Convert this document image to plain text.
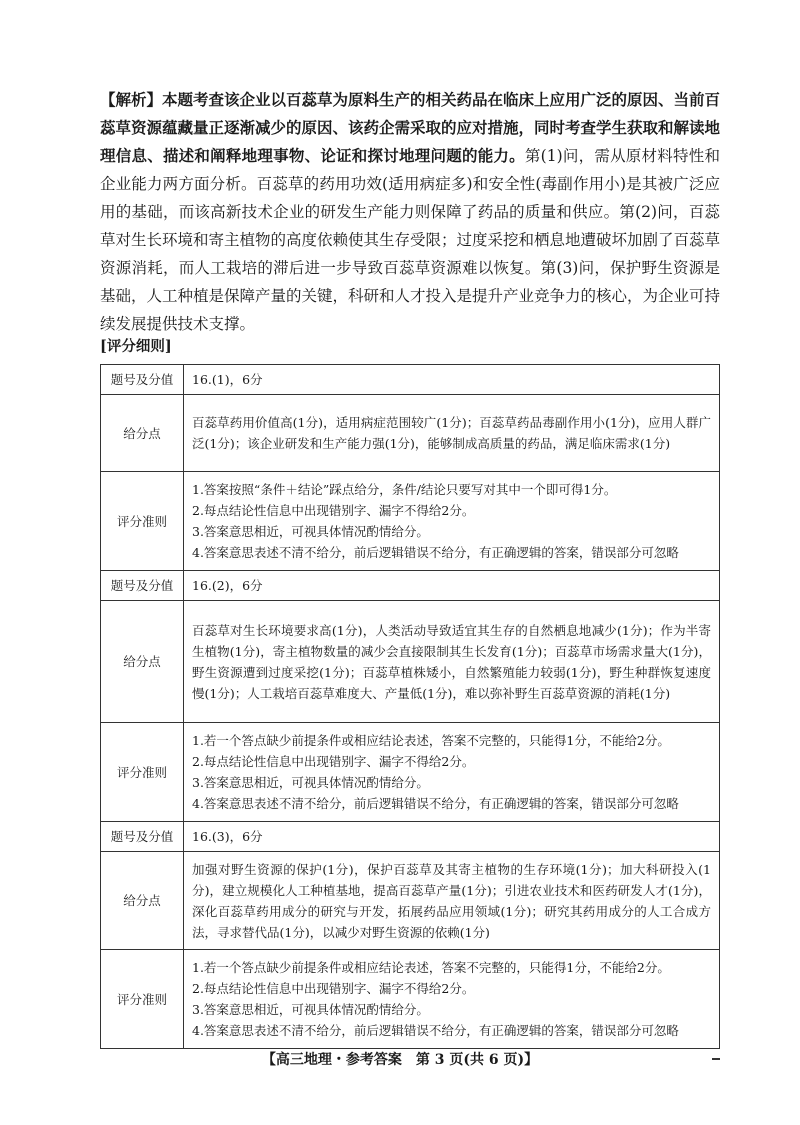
【解析】本题考查该企业以百蕊草为原料生产的相关药品在临床上应用广泛的原因、当前百蕊草资源蕴藏量正逐渐减少的原因、该药企需采取的应对措施，同时考查学生获取和解读地理信息、描述和阐释地理事物、论证和探讨地理问题的能力。第(1)问，需从原材料特性和企业能力两方面分析。百蕊草的药用功效(适用病症多)和安全性(毒副作用小)是其被广泛应用的基础，而该高新技术企业的研发生产能力则保障了药品的质量和供应。第(2)问，百蕊草对生长环境和寄主植物的高度依赖使其生存受限；过度采挖和栖息地遭破坏加剧了百蕊草资源消耗，而人工栽培的滞后进一步导致百蕊草资源难以恢复。第(3)问，保护野生资源是基础，人工种植是保障产量的关键，科研和人才投入是提升产业竞争力的核心，为企业可持续发展提供技术支撑。
[评分细则]
题号及分值	16.(1)，6分
给分点	百蕊草药用价值高(1分)，适用病症范围较广(1分)；百蕊草药品毒副作用小(1分)，应用人群广泛(1分)；该企业研发和生产能力强(1分)，能够制成高质量的药品，满足临床需求(1分)
评分准则	1.答案按照“条件＋结论”踩点给分，条件/结论只要写对其中一个即可得1分。
2.每点结论性信息中出现错别字、漏字不得给2分。
3.答案意思相近，可视具体情况酌情给分。
4.答案意思表述不清不给分，前后逻辑错误不给分，有正确逻辑的答案，错误部分可忽略

题号及分值	16.(2)，6分
给分点	百蕊草对生长环境要求高(1分)，人类活动导致适宜其生存的自然栖息地减少(1分)；作为半寄生植物(1分)，寄主植物数量的减少会直接限制其生长发育(1分)；百蕊草市场需求量大(1分)，野生资源遭到过度采挖(1分)；百蕊草植株矮小，自然繁殖能力较弱(1分)，野生种群恢复速度慢(1分)；人工栽培百蕊草难度大、产量低(1分)，难以弥补野生百蕊草资源的消耗(1分)
评分准则	1.若一个答点缺少前提条件或相应结论表述，答案不完整的，只能得1分，不能给2分。
2.每点结论性信息中出现错别字、漏字不得给2分。
3.答案意思相近，可视具体情况酌情给分。
4.答案意思表述不清不给分，前后逻辑错误不给分，有正确逻辑的答案，错误部分可忽略

题号及分值	16.(3)，6分
给分点	加强对野生资源的保护(1分)，保护百蕊草及其寄主植物的生存环境(1分)；加大科研投入(1分)，建立规模化人工种植基地，提高百蕊草产量(1分)；引进农业技术和医药研发人才(1分)，深化百蕊草药用成分的研究与开发，拓展药品应用领域(1分)；研究其药用成分的人工合成方法，寻求替代品(1分)，以减少对野生资源的依赖(1分)
评分准则	1.若一个答点缺少前提条件或相应结论表述，答案不完整的，只能得1分，不能给2分。
2.每点结论性信息中出现错别字、漏字不得给2分。
3.答案意思相近，可视具体情况酌情给分。
4.答案意思表述不清不给分，前后逻辑错误不给分，有正确逻辑的答案，错误部分可忽略
【高三地理・参考答案　第 3 页(共 6 页)】
